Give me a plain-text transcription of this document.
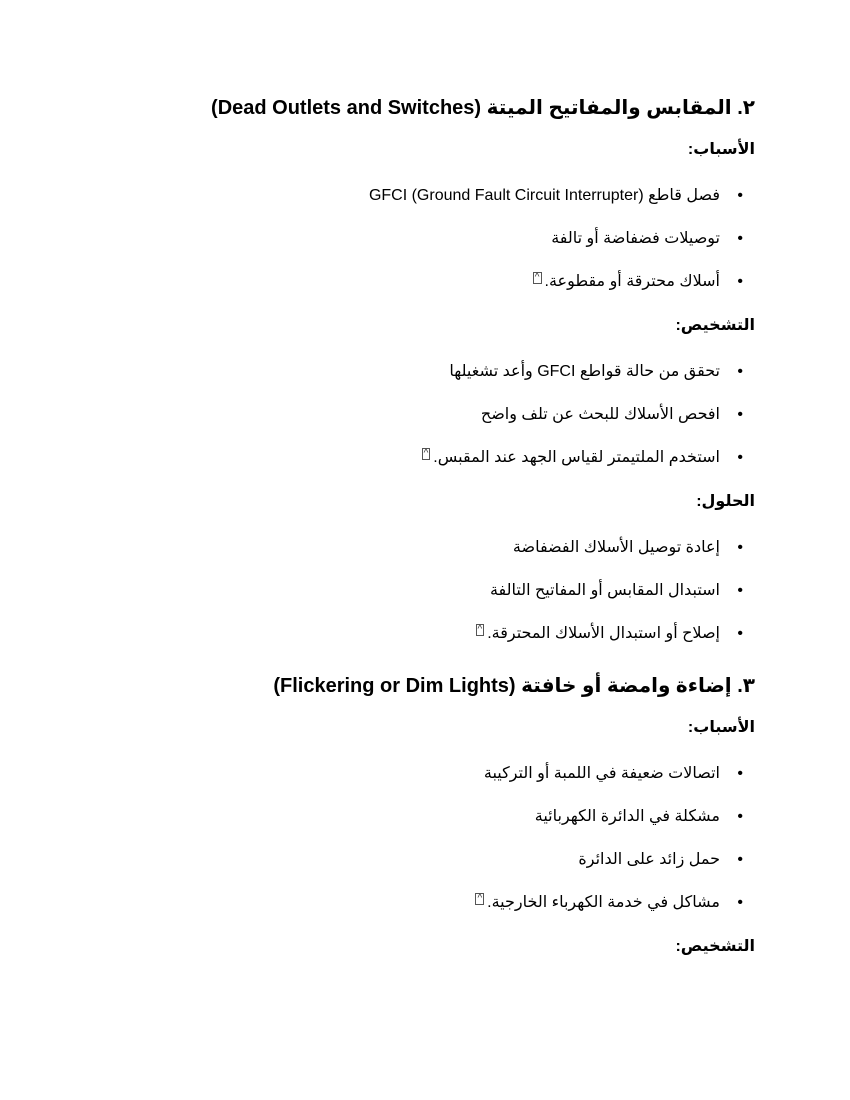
٢. المقابس والمفاتيح الميتة (Dead Outlets and Switches)

الأسباب:

• فصل قاطع GFCI (Ground Fault Circuit Interrupter)
• توصيلات فضفاضة أو تالفة
• أسلاك محترقة أو مقطوعة.^

التشخيص:

• تحقق من حالة قواطع GFCI وأعد تشغيلها
• افحص الأسلاك للبحث عن تلف واضح
• استخدم الملتيمتر لقياس الجهد عند المقبس.^

الحلول:

• إعادة توصيل الأسلاك الفضفاضة
• استبدال المقابس أو المفاتيح التالفة
• إصلاح أو استبدال الأسلاك المحترقة.^
٣. إضاءة وامضة أو خافتة (Flickering or Dim Lights)

الأسباب:

• اتصالات ضعيفة في اللمبة أو التركيبة
• مشكلة في الدائرة الكهربائية
• حمل زائد على الدائرة
• مشاكل في خدمة الكهرباء الخارجية.^

التشخيص:
